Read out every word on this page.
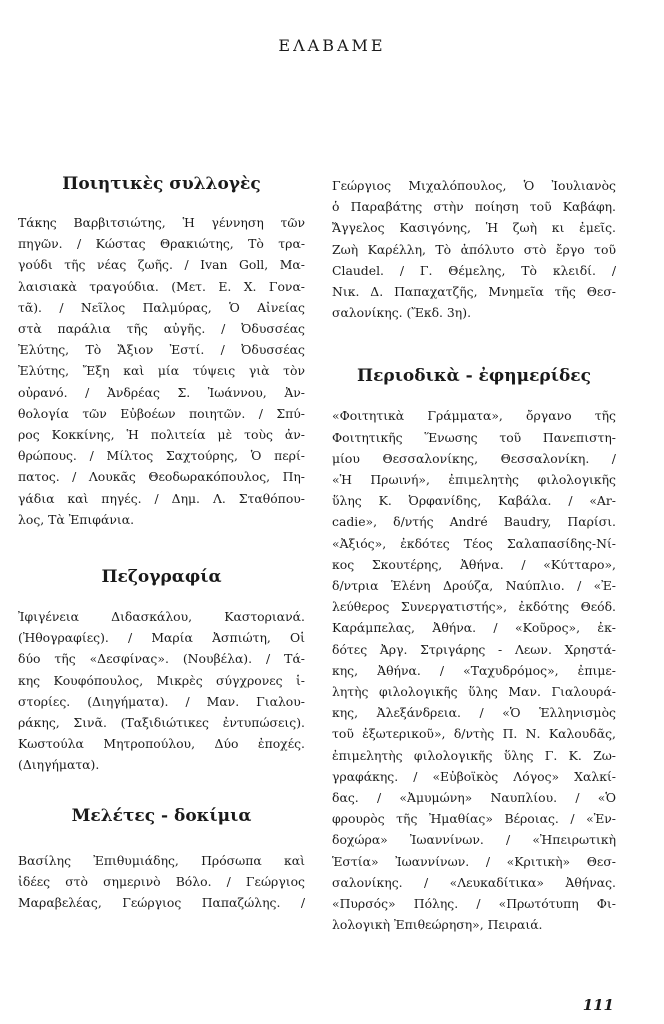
ΕΛΑΒΑΜΕ
Ποιητικὲς συλλογὲς
Τάκης Βαρβιτσιώτης, Ἡ γέννηση τῶν
πηγῶν. / Κώστας Θρακιώτης, Τὸ τρα-
γούδι τῆς νέας ζωῆς. / Ivan Goll, Μα-
λαισιακὰ τραγούδια. (Μετ. Ε. Χ. Γονα-
τᾶ). / Νεῖλος Παλμύρας, Ὁ Αἰνείας
στὰ παράλια τῆς αὐγῆς. / Ὀδυσσέας
Ἐλύτης, Τὸ Ἄξιον Ἐστί. / Ὀδυσσέας
Ἐλύτης, Ἔξη καὶ μία τύψεις γιὰ τὸν
οὐρανό. / Ἀνδρέας Σ. Ἰωάννου, Ἀν-
θολογία τῶν Εὐβοέων ποιητῶν. / Σπύ-
ρος Κοκκίνης, Ἡ πολιτεία μὲ τοὺς ἀν-
θρώπους. / Μίλτος Σαχτούρης, Ὁ περί-
πατος. / Λουκᾶς Θεοδωρακόπουλος, Πη-
γάδια καὶ πηγές. / Δημ. Λ. Σταθόπου-
λος, Τὰ Ἐπιφάνια.
Πεζογραφία
Ἰφιγένεια Διδασκάλου, Καστοριανά.
(Ἠθογραφίες). / Μαρία Ἀσπιώτη, Οἱ
δύο τῆς «Δεσφίνας». (Νουβέλα). / Τά-
κης Κουφόπουλος, Μικρὲς σύγχρονες ἱ-
στορίες. (Διηγήματα). / Μαν. Γιαλου-
ράκης, Σινᾶ. (Ταξιδιώτικες ἐντυπώσεις).
Κωστούλα Μητροπούλου, Δύο ἐποχές.
(Διηγήματα).
Μελέτες - δοκίμια
Βασίλης Ἐπιθυμιάδης, Πρόσωπα καὶ
ἰδέες στὸ σημερινὸ Βόλο. / Γεώργιος
Μαραβελέας, Γεώργιος Παπαζώλης. /
Γεώργιος Μιχαλόπουλος, Ὁ Ἰουλιανὸς
ὁ Παραβάτης στὴν ποίηση τοῦ Καβάφη.
Ἄγγελος Κασιγόνης, Ἡ ζωὴ κι ἐμεῖς.
Ζωὴ Καρέλλη, Τὸ ἀπόλυτο στὸ ἔργο τοῦ
Claudel. / Γ. Θέμελης, Τὸ κλειδί. /
Νικ. Δ. Παπαχατζῆς, Μνημεῖα τῆς Θεσ-
σαλονίκης. (Ἔκδ. 3η).
Περιοδικὰ - ἐφημερίδες
«Φοιτητικὰ Γράμματα», ὄργανο τῆς
Φοιτητικῆς Ἕνωσης τοῦ Πανεπιστη-
μίου Θεσσαλονίκης, Θεσσαλονίκη. /
«Ἡ Πρωινή», ἐπιμελητὴς φιλολογικῆς
ὕλης Κ. Ὀρφανίδης, Καβάλα. / «Ar-
cadie», δ/ντής André Baudry, Παρίσι.
«Ἀξιός», ἐκδότες Τέος Σαλαπασίδης-Νί-
κος Σκουτέρης, Ἀθήνα. / «Κύτταρο»,
δ/ντρια Ἑλένη Δρούζα, Ναύπλιο. / «Ἐ-
λεύθερος Συνεργατιστής», ἐκδότης Θεόδ.
Καράμπελας, Ἀθήνα. / «Κοῦρος», ἐκ-
δότες Ἀργ. Στριγάρης - Λεων. Χρηστά-
κης, Ἀθήνα. / «Ταχυδρόμος», ἐπιμε-
λητὴς φιλολογικῆς ὕλης Μαν. Γιαλουρά-
κης, Ἀλεξάνδρεια. / «Ὁ Ἑλληνισμὸς
τοῦ ἐξωτερικοῦ», δ/ντὴς Π. Ν. Καλουδᾶς,
ἐπιμελητὴς φιλολογικῆς ὕλης Γ. Κ. Ζω-
γραφάκης. / «Εὐβοϊκὸς Λόγος» Χαλκί-
δας. / «Ἀμυμώνη» Ναυπλίου. / «Ὁ
φρουρὸς τῆς Ἠμαθίας» Βέροιας. / «Ἐν-
δοχώρα» Ἰωαννίνων. / «Ἠπειρωτικὴ
Ἑστία» Ἰωαννίνων. / «Κριτικὴ» Θεσ-
σαλονίκης. / «Λευκαδίτικα» Ἀθήνας.
«Πυρσός» Πόλης. / «Πρωτότυπη Φι-
λολογικὴ Ἐπιθεώρηση», Πειραιά.
111
